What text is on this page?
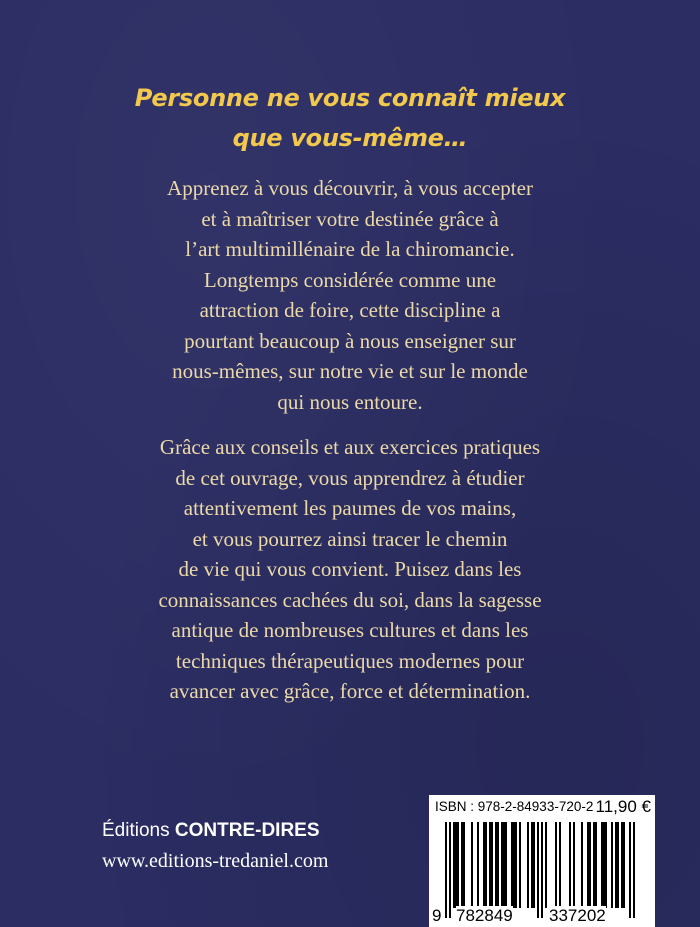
Personne ne vous connaît mieux
que vous-même…
Apprenez à vous découvrir, à vous accepter
et à maîtriser votre destinée grâce à
l’art multimillénaire de la chiromancie.
Longtemps considérée comme une
attraction de foire, cette discipline a
pourtant beaucoup à nous enseigner sur
nous-mêmes, sur notre vie et sur le monde
qui nous entoure.
Grâce aux conseils et aux exercices pratiques
de cet ouvrage, vous apprendrez à étudier
attentivement les paumes de vos mains,
et vous pourrez ainsi tracer le chemin
de vie qui vous convient. Puisez dans les
connaissances cachées du soi, dans la sagesse
antique de nombreuses cultures et dans les
techniques thérapeutiques modernes pour
avancer avec grâce, force et détermination.
Éditions CONTRE-DIRES
www.editions-tredaniel.com
ISBN : 978-2-84933-720-2 11,90 €
9 782849 337202
